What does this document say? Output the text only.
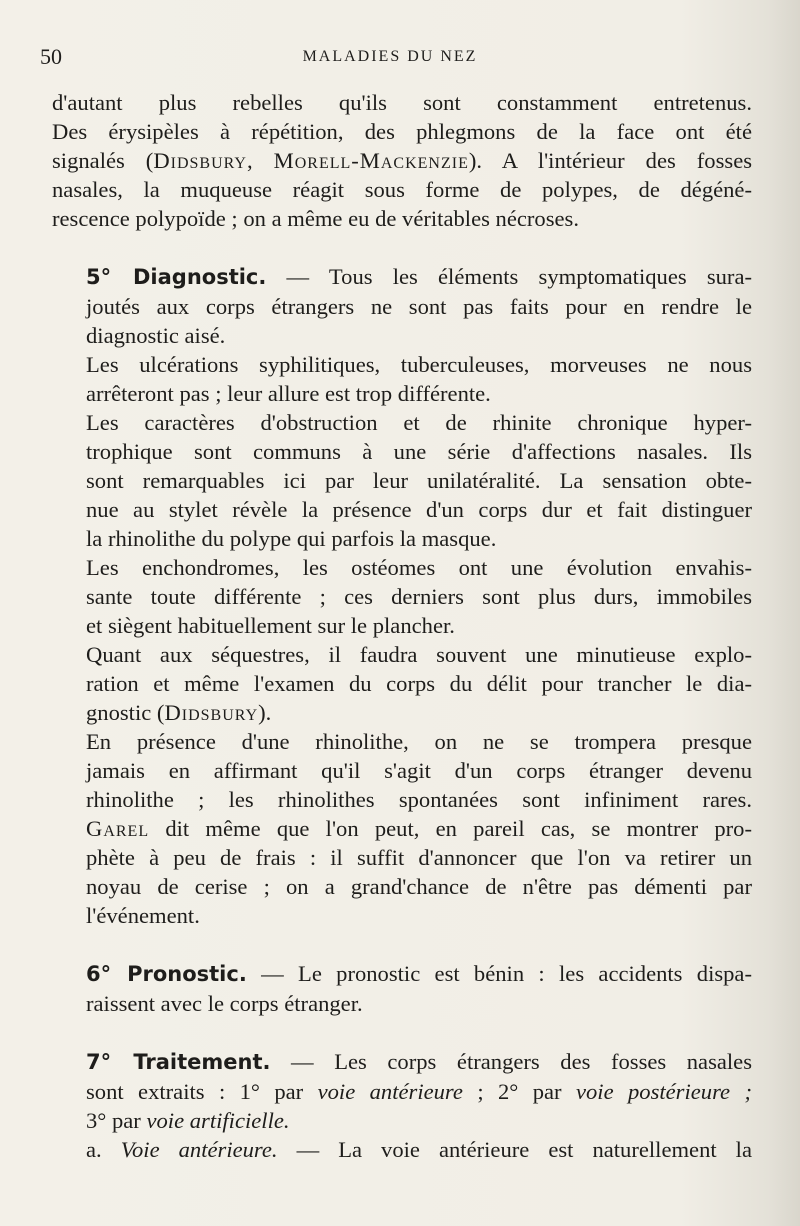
50	MALADIES DU NEZ

d'autant plus rebelles qu'ils sont constamment entretenus.
Des érysipèles à répétition, des phlegmons de la face ont été
signalés (Didsbury, Morell-Mackenzie). A l'intérieur des fosses
nasales, la muqueuse réagit sous forme de polypes, de dégéné-
rescence polypoïde ; on a même eu de véritables nécroses.

5° Diagnostic. — Tous les éléments symptomatiques sura-
joutés aux corps étrangers ne sont pas faits pour en rendre le
diagnostic aisé.

Les ulcérations syphilitiques, tuberculeuses, morveuses ne nous
arrêteront pas ; leur allure est trop différente.

Les caractères d'obstruction et de rhinite chronique hyper-
trophique sont communs à une série d'affections nasales. Ils
sont remarquables ici par leur unilatéralité. La sensation obte-
nue au stylet révèle la présence d'un corps dur et fait distinguer
la rhinolithe du polype qui parfois la masque.

Les enchondromes, les ostéomes ont une évolution envahis-
sante toute différente ; ces derniers sont plus durs, immobiles
et siègent habituellement sur le plancher.

Quant aux séquestres, il faudra souvent une minutieuse explo-
ration et même l'examen du corps du délit pour trancher le dia-
gnostic (Didsbury).

En présence d'une rhinolithe, on ne se trompera presque
jamais en affirmant qu'il s'agit d'un corps étranger devenu
rhinolithe ; les rhinolithes spontanées sont infiniment rares.
Garel dit même que l'on peut, en pareil cas, se montrer pro-
phète à peu de frais : il suffit d'annoncer que l'on va retirer un
noyau de cerise ; on a grand'chance de n'être pas démenti par
l'événement.

6° Pronostic. — Le pronostic est bénin : les accidents dispa-
raissent avec le corps étranger.

7° Traitement. — Les corps étrangers des fosses nasales
sont extraits : 1° par voie antérieure ; 2° par voie postérieure ;
3° par voie artificielle.

a. Voie antérieure. — La voie antérieure est naturellement la
